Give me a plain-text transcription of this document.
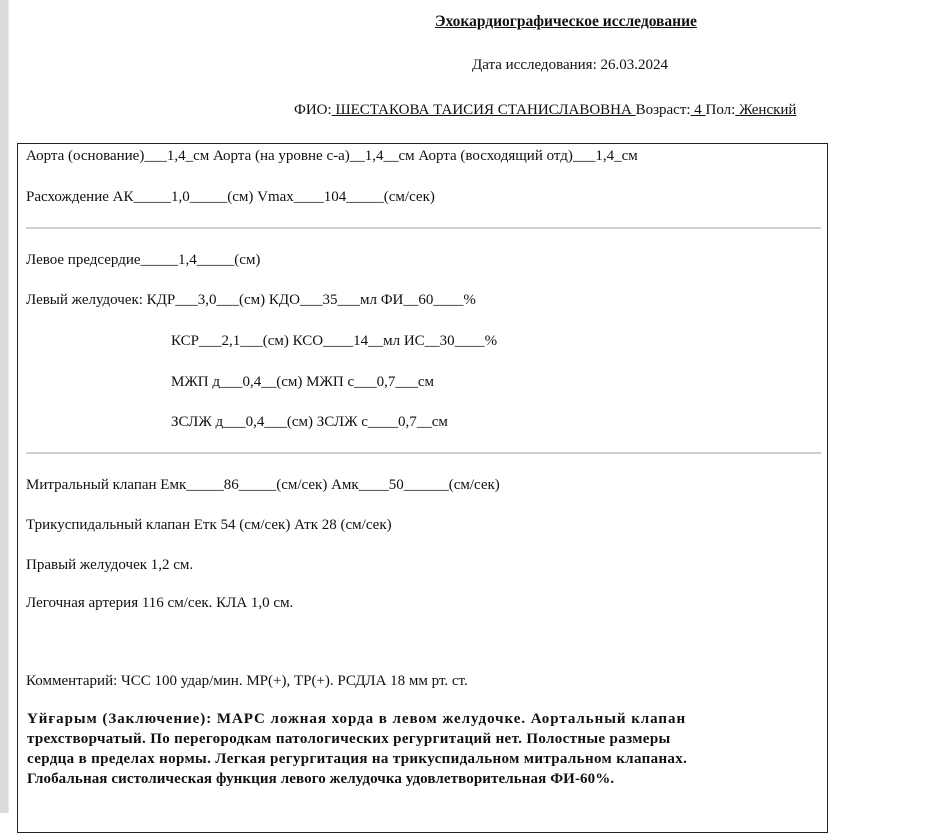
Эхокардиографическое исследование
Дата исследования: 26.03.2024
ФИО: ШЕСТАКОВА ТАИСИЯ СТАНИСЛАВОВНА Возраст: 4 Пол: Женский
Аорта (основание)___1,4_см Аорта (на уровне с-а)__1,4__см Аорта (восходящий отд)___1,4_см
Расхождение АК_____1,0_____(см) Vmax____104_____(см/сек)
Левое предсердие_____1,4_____(см)
Левый желудочек: КДР___3,0___(см) КДО___35___мл ФИ__60____%
КСР___2,1___(см) КСО____14__мл ИС__30____%
МЖП д___0,4__(см) МЖП с___0,7___см
ЗСЛЖ д___0,4___(см) ЗСЛЖ с____0,7__см
Митральный клапан Емк_____86_____(см/сек) Амк____50______(см/сек)
Трикуспидальный клапан Етк 54 (см/сек) Атк 28 (см/сек)
Правый желудочек 1,2 см.
Легочная артерия 116 см/сек. КЛА 1,0 см.
Комментарий: ЧСС 100 удар/мин. МР(+), ТР(+). РСДЛА 18 мм рт. ст.

Үйғарым (Заключение): МАРС ложная хорда в левом желудочке. Аортальный клапан

трехстворчатый. По перегородкам патологических регургитаций нет. Полостные размеры

сердца в пределах нормы. Легкая регургитация на трикуспидальном митральном клапанах.

Глобальная систолическая функция левого желудочка удовлетворительная ФИ-60%.
